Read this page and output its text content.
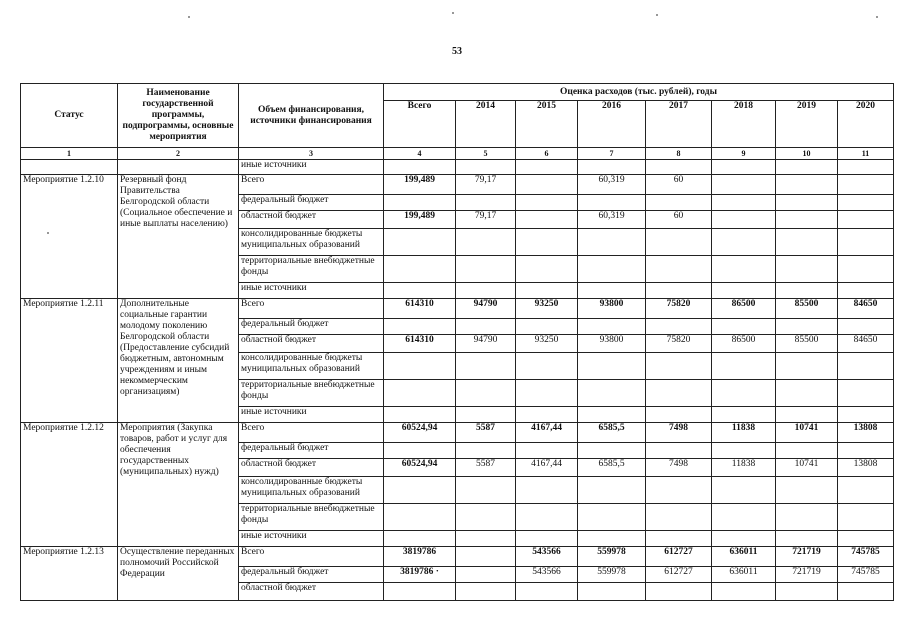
53
Статус	Наименование государственной программы, подпрограммы, основные мероприятия	Объем финансирования, источники финансирования	Оценка расходов (тыс. рублей), годы							
			Всего	2014	2015	2016	2017	2018	2019	2020
1	2	3	4	5	6	7	8	9	10	11
		иные источники								
Мероприятие 1.2.10	Резервный фонд Правительства Белгородской области (Социальное обеспечение и иные выплаты населению)	Всего	199,489	79,17		60,319	60			
		федеральный бюджет								
		областной бюджет	199,489	79,17		60,319	60			
		консолидированные бюджеты муниципальных образований								
		территориальные внебюджетные фонды								
		иные источники								
Мероприятие 1.2.11	Дополнительные социальные гарантии молодому поколению Белгородской области (Предоставление субсидий бюджетным, автономным учреждениям и иным некоммерческим организациям)	Всего	614310	94790	93250	93800	75820	86500	85500	84650
		федеральный бюджет								
		областной бюджет	614310	94790	93250	93800	75820	86500	85500	84650
		консолидированные бюджеты муниципальных образований								
		территориальные внебюджетные фонды								
		иные источники								
Мероприятие 1.2.12	Мероприятия (Закупка товаров, работ и услуг для обеспечения государственных (муниципальных) нужд)	Всего	60524,94	5587	4167,44	6585,5	7498	11838	10741	13808
		федеральный бюджет								
		областной бюджет	60524,94	5587	4167,44	6585,5	7498	11838	10741	13808
		консолидированные бюджеты муниципальных образований								
		территориальные внебюджетные фонды								
		иные источники								
Мероприятие 1.2.13	Осуществление переданных полномочий Российской Федерации	Всего	3819786		543566	559978	612727	636011	721719	745785
		федеральный бюджет	3819786 ·		543566	559978	612727	636011	721719	745785
		областной бюджет								
